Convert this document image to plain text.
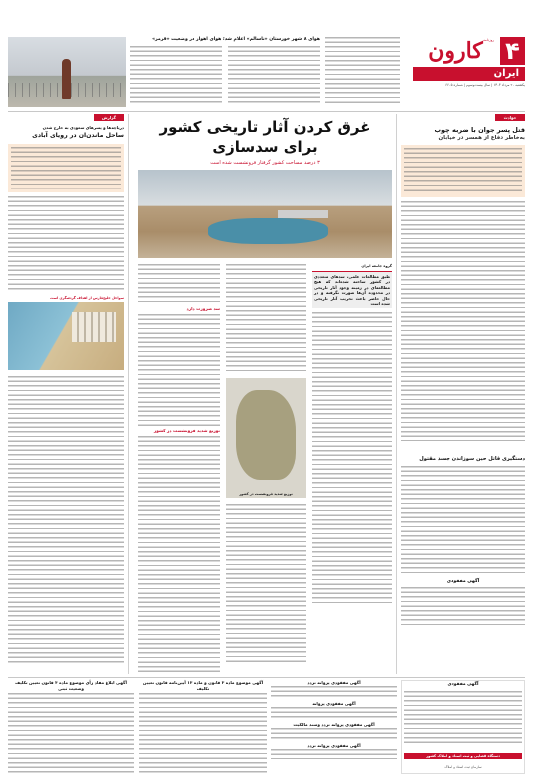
۴
روزنامه
کارون
ایران
یکشنبه ۲۰ مرداد ۱۴۰۳ | سال بیست‌وسوم | شماره ۶۶۰۵
هوای ۸ شهر خوزستان «ناسالم» اعلام شد؛ هوای اهواز در وضعیت «قرمز»
حوادث
قتل پسر جوان با ضربه چوب
به‌خاطر دفاع از همسر در خیابان
دستگیری قاتل حین سوزاندن جسد مقتول
آگهی مفقودی
غرق کردن آثار تاریخی کشور
برای سدسازی
۳ درصد مساحت کشور گرفتار فرونشست شده است
گروه جامعه ایران
طبق مطالعات علمی، سدهای متعددی در کشور ساخته شده‌اند که هیچ مطالعه‌ای در زمینه وجود آثار تاریخی در محدوده آن‌ها صورت نگرفته و در حال حاضر باعث تخریب آثار تاریخی شده است
توزیع شدید فرونشست در کشور
سد ضرورت دارد
توزیع شدید فرونشست در کشور
گزارش
دریاچه‌ها و پسرهای سعودی به خارج شدن
ساحل ماندن‌ان در رویای آبادی
سواحل خلیج‌فارس از اهداف گردشگری است
آگهی مفقودی
دستگاه قضایی و ثبت اسناد و املاک کشور
سازمان ثبت اسناد و املاک
آگهی مفقودی پروانه تردد
آگهی مفقودی پروانه
آگهی مفقودی پروانه تردد وسند مالکیت
آگهی مفقودی پروانه تردد
آگهی موضوع ماده ۳ قانون و ماده ۱۳ آیین‌نامه قانون تعیین تکلیف
آگهی ابلاغ مفاد رأی موضوع ماده ۳ قانون تعیین تکلیف وضعیت ثبتی
